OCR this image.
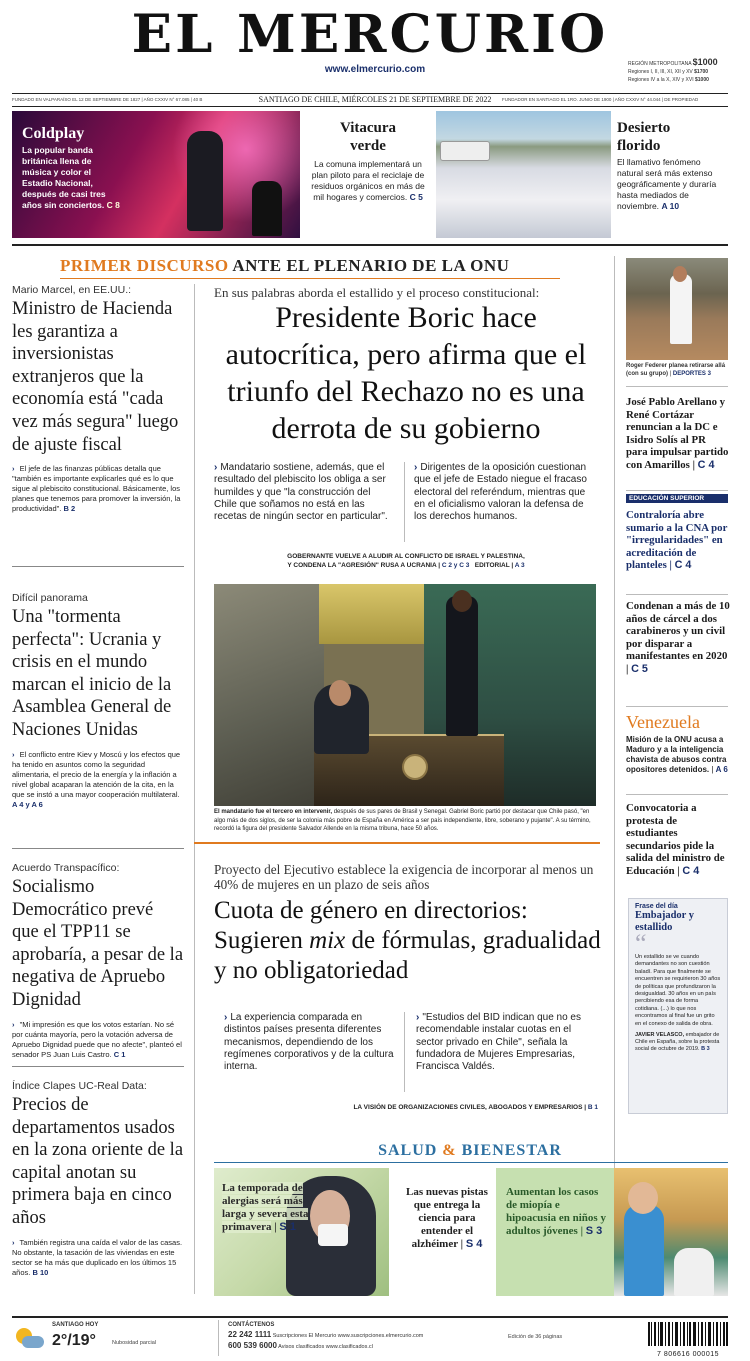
EL MERCURIO
www.elmercurio.com	REGIÓN METROPOLITANA $1000
Regiones I, II, III, XI, XII y XV $1700
Regiones IV a la X, XIV y XVI $1000
FUNDADO EN VALPARAÍSO EL 12 DE SEPTIEMBRE DE 1827 | AÑO CXXIV N° 67.085 | 40 B	SANTIAGO DE CHILE, MIÉRCOLES 21 DE SEPTIEMBRE DE 2022	FUNDADOR EN SANTIAGO EL 1RO. JUNIO DE 1900 | AÑO CXXIV N° 44.044 | DE PROPIEDAD
Coldplay
La popular banda británica llena de música y color el Estadio Nacional, después de casi tres años sin conciertos. C 8
Vitacura verde
La comuna implementará un plan piloto para el reciclaje de residuos orgánicos en más de mil hogares y comercios. C 5
Desierto florido
El llamativo fenómeno natural será más extenso geográficamente y duraría hasta mediados de noviembre. A 10
PRIMER DISCURSO ANTE EL PLENARIO DE LA ONU
Mario Marcel, en EE.UU.:
Ministro de Hacienda les garantiza a inversionistas extranjeros que la economía está "cada vez más segura" luego de ajuste fiscal
› El jefe de las finanzas públicas detalla que "también es importante explicarles qué es lo que sigue al plebiscito constitucional. Básicamente, los planes que tenemos para promover la inversión, la productividad". B 2
Difícil panorama
Una "tormenta perfecta": Ucrania y crisis en el mundo marcan el inicio de la Asamblea General de Naciones Unidas
› El conflicto entre Kiev y Moscú y los efectos que ha tenido en asuntos como la seguridad alimentaria, el precio de la energía y la inflación a nivel global acaparan la atención de la cita, en la que se instó a una mayor cooperación multilateral. A 4 y A 6
Acuerdo Transpacífico:
Socialismo Democrático prevé que el TPP11 se aprobaría, a pesar de la negativa de Apruebo Dignidad
› "Mi impresión es que los votos estarían. No sé por cuánta mayoría, pero la votación adversa de Apruebo Dignidad puede que no afecte", planteó el senador PS Juan Luis Castro. C 1
Índice Clapes UC-Real Data:
Precios de departamentos usados en la zona oriente de la capital anotan su primera baja en cinco años
› También registra una caída el valor de las casas. No obstante, la tasación de las viviendas en este sector se ha más que duplicado en los últimos 15 años. B 10
En sus palabras aborda el estallido y el proceso constitucional:
Presidente Boric hace autocrítica, pero afirma que el triunfo del Rechazo no es una derrota de su gobierno
› Mandatario sostiene, además, que el resultado del plebiscito los obliga a ser humildes y que "la construcción del Chile que soñamos no está en las recetas de ningún sector en particular".
› Dirigentes de la oposición cuestionan que el jefe de Estado niegue el fracaso electoral del referéndum, mientras que en el oficialismo valoran la defensa de los derechos humanos.
GOBERNANTE VUELVE A ALUDIR AL CONFLICTO DE ISRAEL Y PALESTINA,
Y CONDENA LA "AGRESIÓN" RUSA A UCRANIA | C 2 y C 3 EDITORIAL | A 3
El mandatario fue el tercero en intervenir, después de sus pares de Brasil y Senegal. Gabriel Boric partió por destacar que Chile pasó, "en algo más de dos siglos, de ser la colonia más pobre de España en América a ser país independiente, libre, soberano y pujante". A su término, recordó la figura del presidente Salvador Allende en la misma tribuna, hace 50 años.
Proyecto del Ejecutivo establece la exigencia de incorporar al menos un 40% de mujeres en un plazo de seis años
Cuota de género en directorios: Sugieren mix de fórmulas, gradualidad y no obligatoriedad
› La experiencia comparada en distintos países presenta diferentes mecanismos, dependiendo de los regímenes corporativos y de la cultura interna.
› "Estudios del BID indican que no es recomendable instalar cuotas en el sector privado en Chile", señala la fundadora de Mujeres Empresarias, Francisca Valdés.
LA VISIÓN DE ORGANIZACIONES CIVILES, ABOGADOS Y EMPRESARIOS | B 1
Roger Federer planea retirarse allá (con su grupo) | DEPORTES 3
José Pablo Arellano y René Cortázar renuncian a la DC e Isidro Solís al PR para impulsar partido con Amarillos | C 4
EDUCACIÓN SUPERIOR
Contraloría abre sumario a la CNA por "irregularidades" en acreditación de planteles | C 4
Condenan a más de 10 años de cárcel a dos carabineros y un civil por disparar a manifestantes en 2020 | C 5
Venezuela
Misión de la ONU acusa a Maduro y a la inteligencia chavista de abusos contra opositores detenidos. | A 6
Convocatoria a protesta de estudiantes secundarios pide la salida del ministro de Educación | C 4
Frase del día
Embajador y estallido
“
Un estallido se ve cuando demandantes no son cuestión baladí. Para que finalmente se encuentren se requirieron 30 años de políticas que profundizaron la desigualdad. 30 años en un país percibiendo esa de forma cotidiana. (...) lo que nos encontramos al final fue un grito en el conexo de salida de obra.
JAVIER VELASCO, embajador de Chile en España, sobre la protesta social de octubre de 2019. B 3
SALUD & BIENESTAR
La temporada de alergias será más larga y severa esta primavera | S 1
Las nuevas pistas que entrega la ciencia para entender el alzhéimer | S 4
Aumentan los casos de miopía e hipoacusia en niños y adultos jóvenes | S 3
SANTIAGO HOY
2°/19°	Nubosidad parcial
CONTÁCTENOS
22 242 1111 Suscripciones El Mercurio www.suscripciones.elmercurio.com
600 539 6000 Avisos clasificados www.clasificados.cl
Edición de 36 páginas
7 806616 000015
